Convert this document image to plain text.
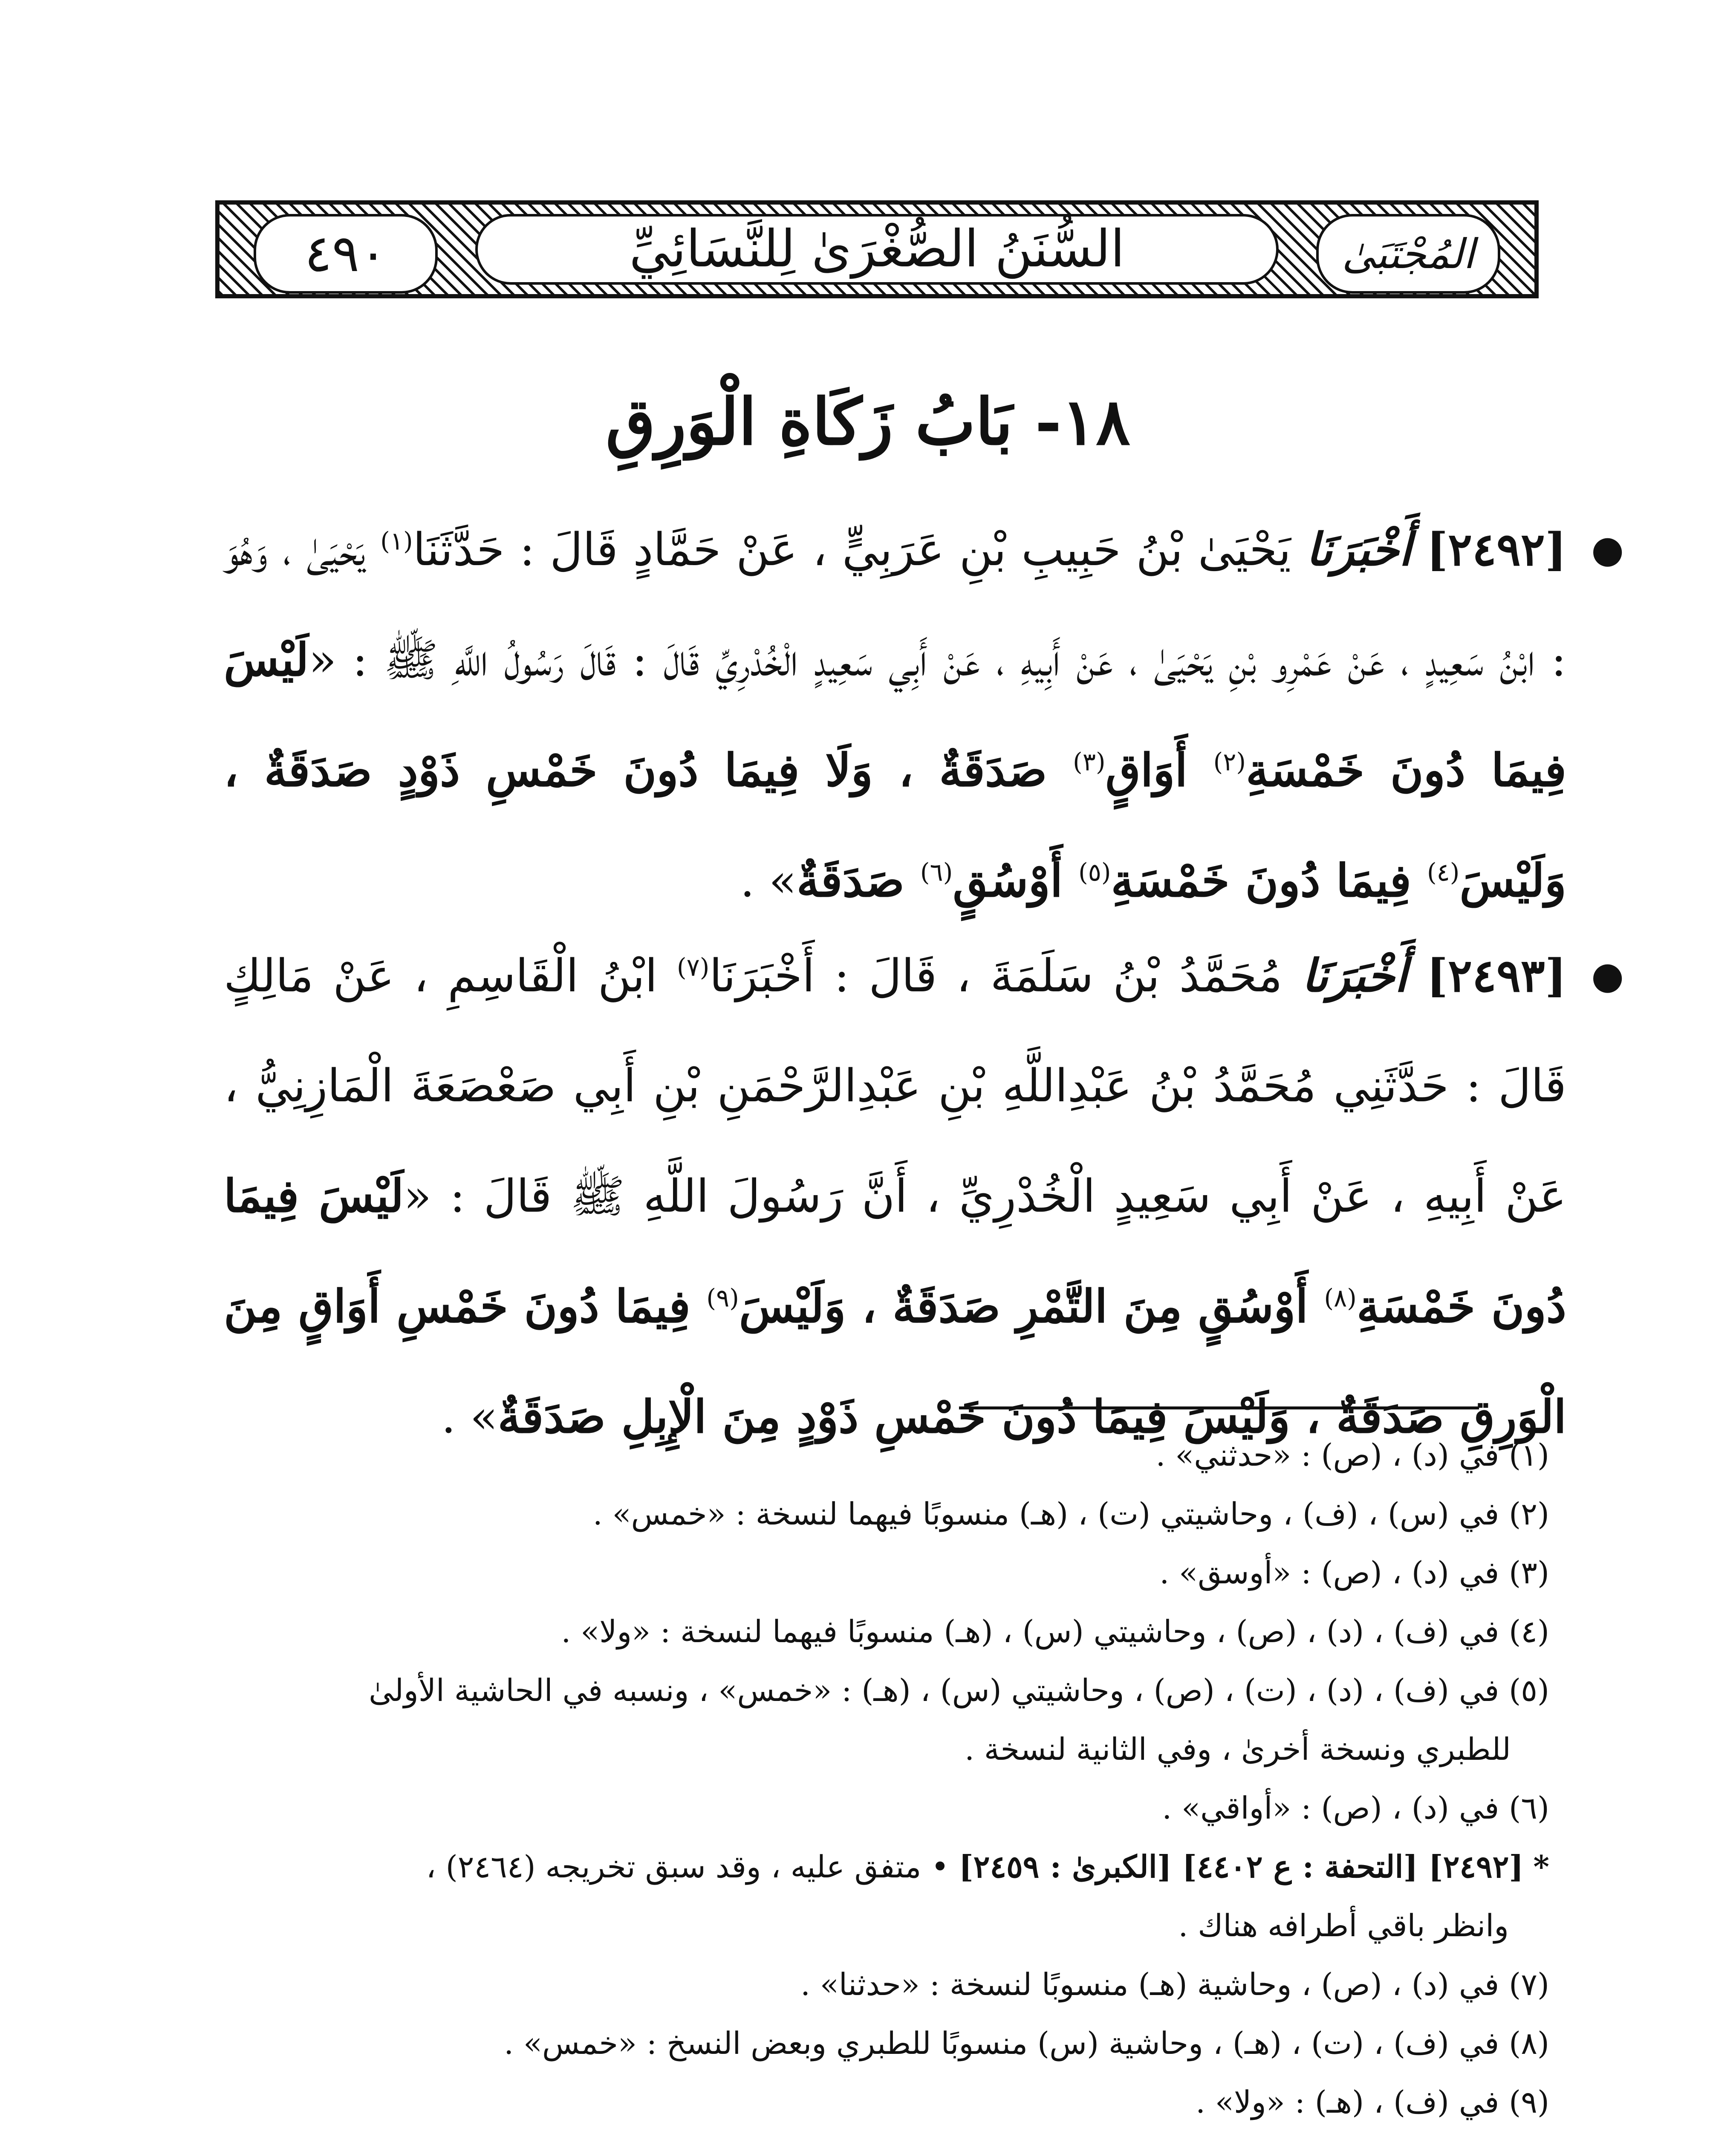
٤٩٠	السُّنَنُ الصُّغْرَىٰ لِلنَّسَائِيِّ	المُجْتَبَىٰ
١٨- بَابُ زَكَاةِ الْوَرِقِ
●
[٢٤٩٢] أَخْبَرَنَا يَحْيَىٰ بْنُ حَبِيبِ بْنِ عَرَبِيٍّ ، عَنْ حَمَّادٍ قَالَ : حَدَّثَنَا$^{(١)}$ يَحْيَىٰ ، وَهُوَ : ابْنُ سَعِيدٍ ، عَنْ عَمْرِو بْنِ يَحْيَىٰ ، عَنْ أَبِيهِ ، عَنْ أَبِي سَعِيدٍ الْخُدْرِيِّ قَالَ : قَالَ رَسُولُ اللَّهِ ﷺ : «لَيْسَ فِيمَا دُونَ خَمْسَةِ$^{(٢)}$ أَوَاقٍ$^{(٣)}$ صَدَقَةٌ ، وَلَا فِيمَا دُونَ خَمْسِ ذَوْدٍ صَدَقَةٌ ، وَلَيْسَ$^{(٤)}$ فِيمَا دُونَ خَمْسَةِ$^{(٥)}$ أَوْسُقٍ$^{(٦)}$ صَدَقَةٌ» .
●
[٢٤٩٣] أَخْبَرَنَا مُحَمَّدُ بْنُ سَلَمَةَ ، قَالَ : أَخْبَرَنَا$^{(٧)}$ ابْنُ الْقَاسِمِ ، عَنْ مَالِكٍ قَالَ : حَدَّثَنِي مُحَمَّدُ بْنُ عَبْدِاللَّهِ بْنِ عَبْدِالرَّحْمَنِ بْنِ أَبِي صَعْصَعَةَ الْمَازِنِيُّ ، عَنْ أَبِيهِ ، عَنْ أَبِي سَعِيدٍ الْخُدْرِيِّ ، أَنَّ رَسُولَ اللَّهِ ﷺ قَالَ : «لَيْسَ فِيمَا دُونَ خَمْسَةِ$^{(٨)}$ أَوْسُقٍ مِنَ التَّمْرِ صَدَقَةٌ ، وَلَيْسَ$^{(٩)}$ فِيمَا دُونَ خَمْسِ أَوَاقٍ مِنَ الْوَرِقِ صَدَقَةٌ ، وَلَيْسَ فِيمَا دُونَ خَمْسِ ذَوْدٍ مِنَ الْإِبِلِ صَدَقَةٌ» .
(١) في (د) ، (ص) : «حدثني» .
(٢) في (س) ، (ف) ، وحاشيتي (ت) ، (هـ) منسوبًا فيهما لنسخة : «خمس» .
(٣) في (د) ، (ص) : «أوسق» .
(٤) في (ف) ، (د) ، (ص) ، وحاشيتي (س) ، (هـ) منسوبًا فيهما لنسخة : «ولا» .
(٥) في (ف) ، (د) ، (ت) ، (ص) ، وحاشيتي (س) ، (هـ) : «خمس» ، ونسبه في الحاشية الأولىٰ
للطبري ونسخة أخرىٰ ، وفي الثانية لنسخة .
(٦) في (د) ، (ص) : «أواقي» .
* [٢٤٩٢] [التحفة : ع ٤٤٠٢] [الكبرىٰ : ٢٤٥٩] • متفق عليه ، وقد سبق تخريجه (٢٤٦٤) ،
وانظر باقي أطرافه هناك .
(٧) في (د) ، (ص) ، وحاشية (هـ) منسوبًا لنسخة : «حدثنا» .
(٨) في (ف) ، (ت) ، (هـ) ، وحاشية (س) منسوبًا للطبري وبعض النسخ : «خمس» .
(٩) في (ف) ، (هـ) : «ولا» .
